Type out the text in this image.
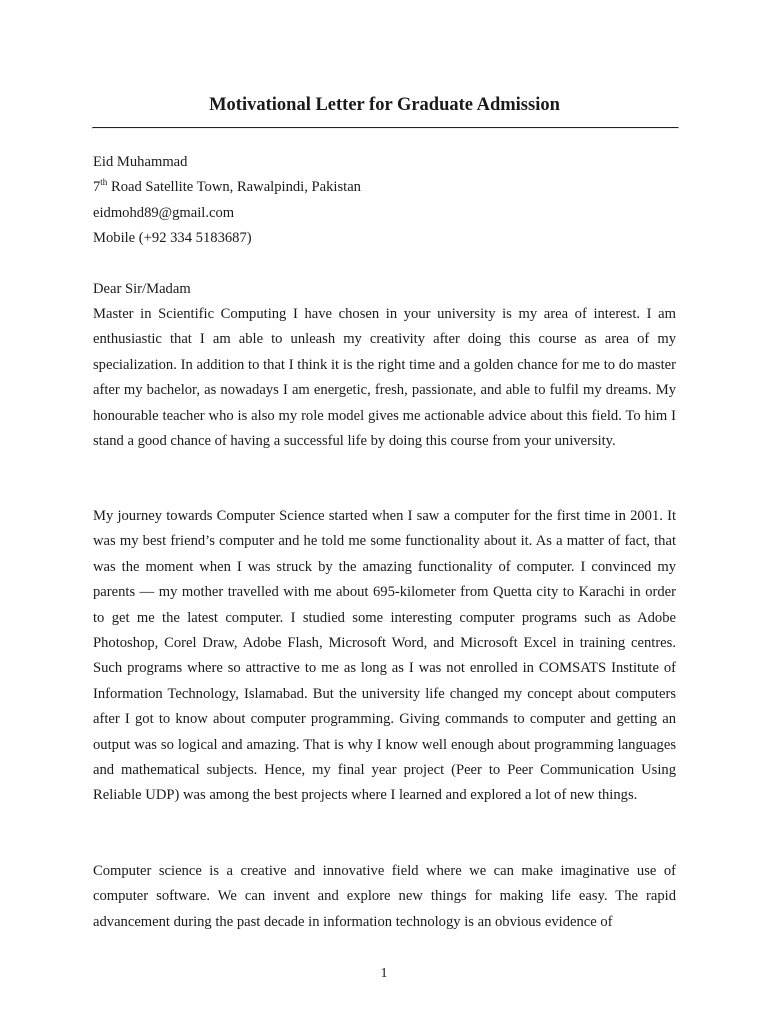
Motivational Letter for Graduate Admission
Eid Muhammad
7th Road Satellite Town, Rawalpindi, Pakistan
eidmohd89@gmail.com
Mobile (+92 334 5183687)

Dear Sir/Madam

Master in Scientific Computing I have chosen in your university is my area of interest. I am enthusiastic that I am able to unleash my creativity after doing this course as area of my specialization. In addition to that I think it is the right time and a golden chance for me to do master after my bachelor, as nowadays I am energetic, fresh, passionate, and able to fulfil my dreams. My honourable teacher who is also my role model gives me actionable advice about this field. To him I stand a good chance of having a successful life by doing this course from your university.

My journey towards Computer Science started when I saw a computer for the first time in 2001. It was my best friend’s computer and he told me some functionality about it. As a matter of fact, that was the moment when I was struck by the amazing functionality of computer. I convinced my parents — my mother travelled with me about 695-kilometer from Quetta city to Karachi in order to get me the latest computer. I studied some interesting computer programs such as Adobe Photoshop, Corel Draw, Adobe Flash, Microsoft Word, and Microsoft Excel in training centres. Such programs where so attractive to me as long as I was not enrolled in COMSATS Institute of Information Technology, Islamabad. But the university life changed my concept about computers after I got to know about computer programming. Giving commands to computer and getting an output was so logical and amazing. That is why I know well enough about programming languages and mathematical subjects. Hence, my final year project (Peer to Peer Communication Using Reliable UDP) was among the best projects where I learned and explored a lot of new things.

Computer science is a creative and innovative field where we can make imaginative use of computer software. We can invent and explore new things for making life easy. The rapid advancement during the past decade in information technology is an obvious evidence of

1
